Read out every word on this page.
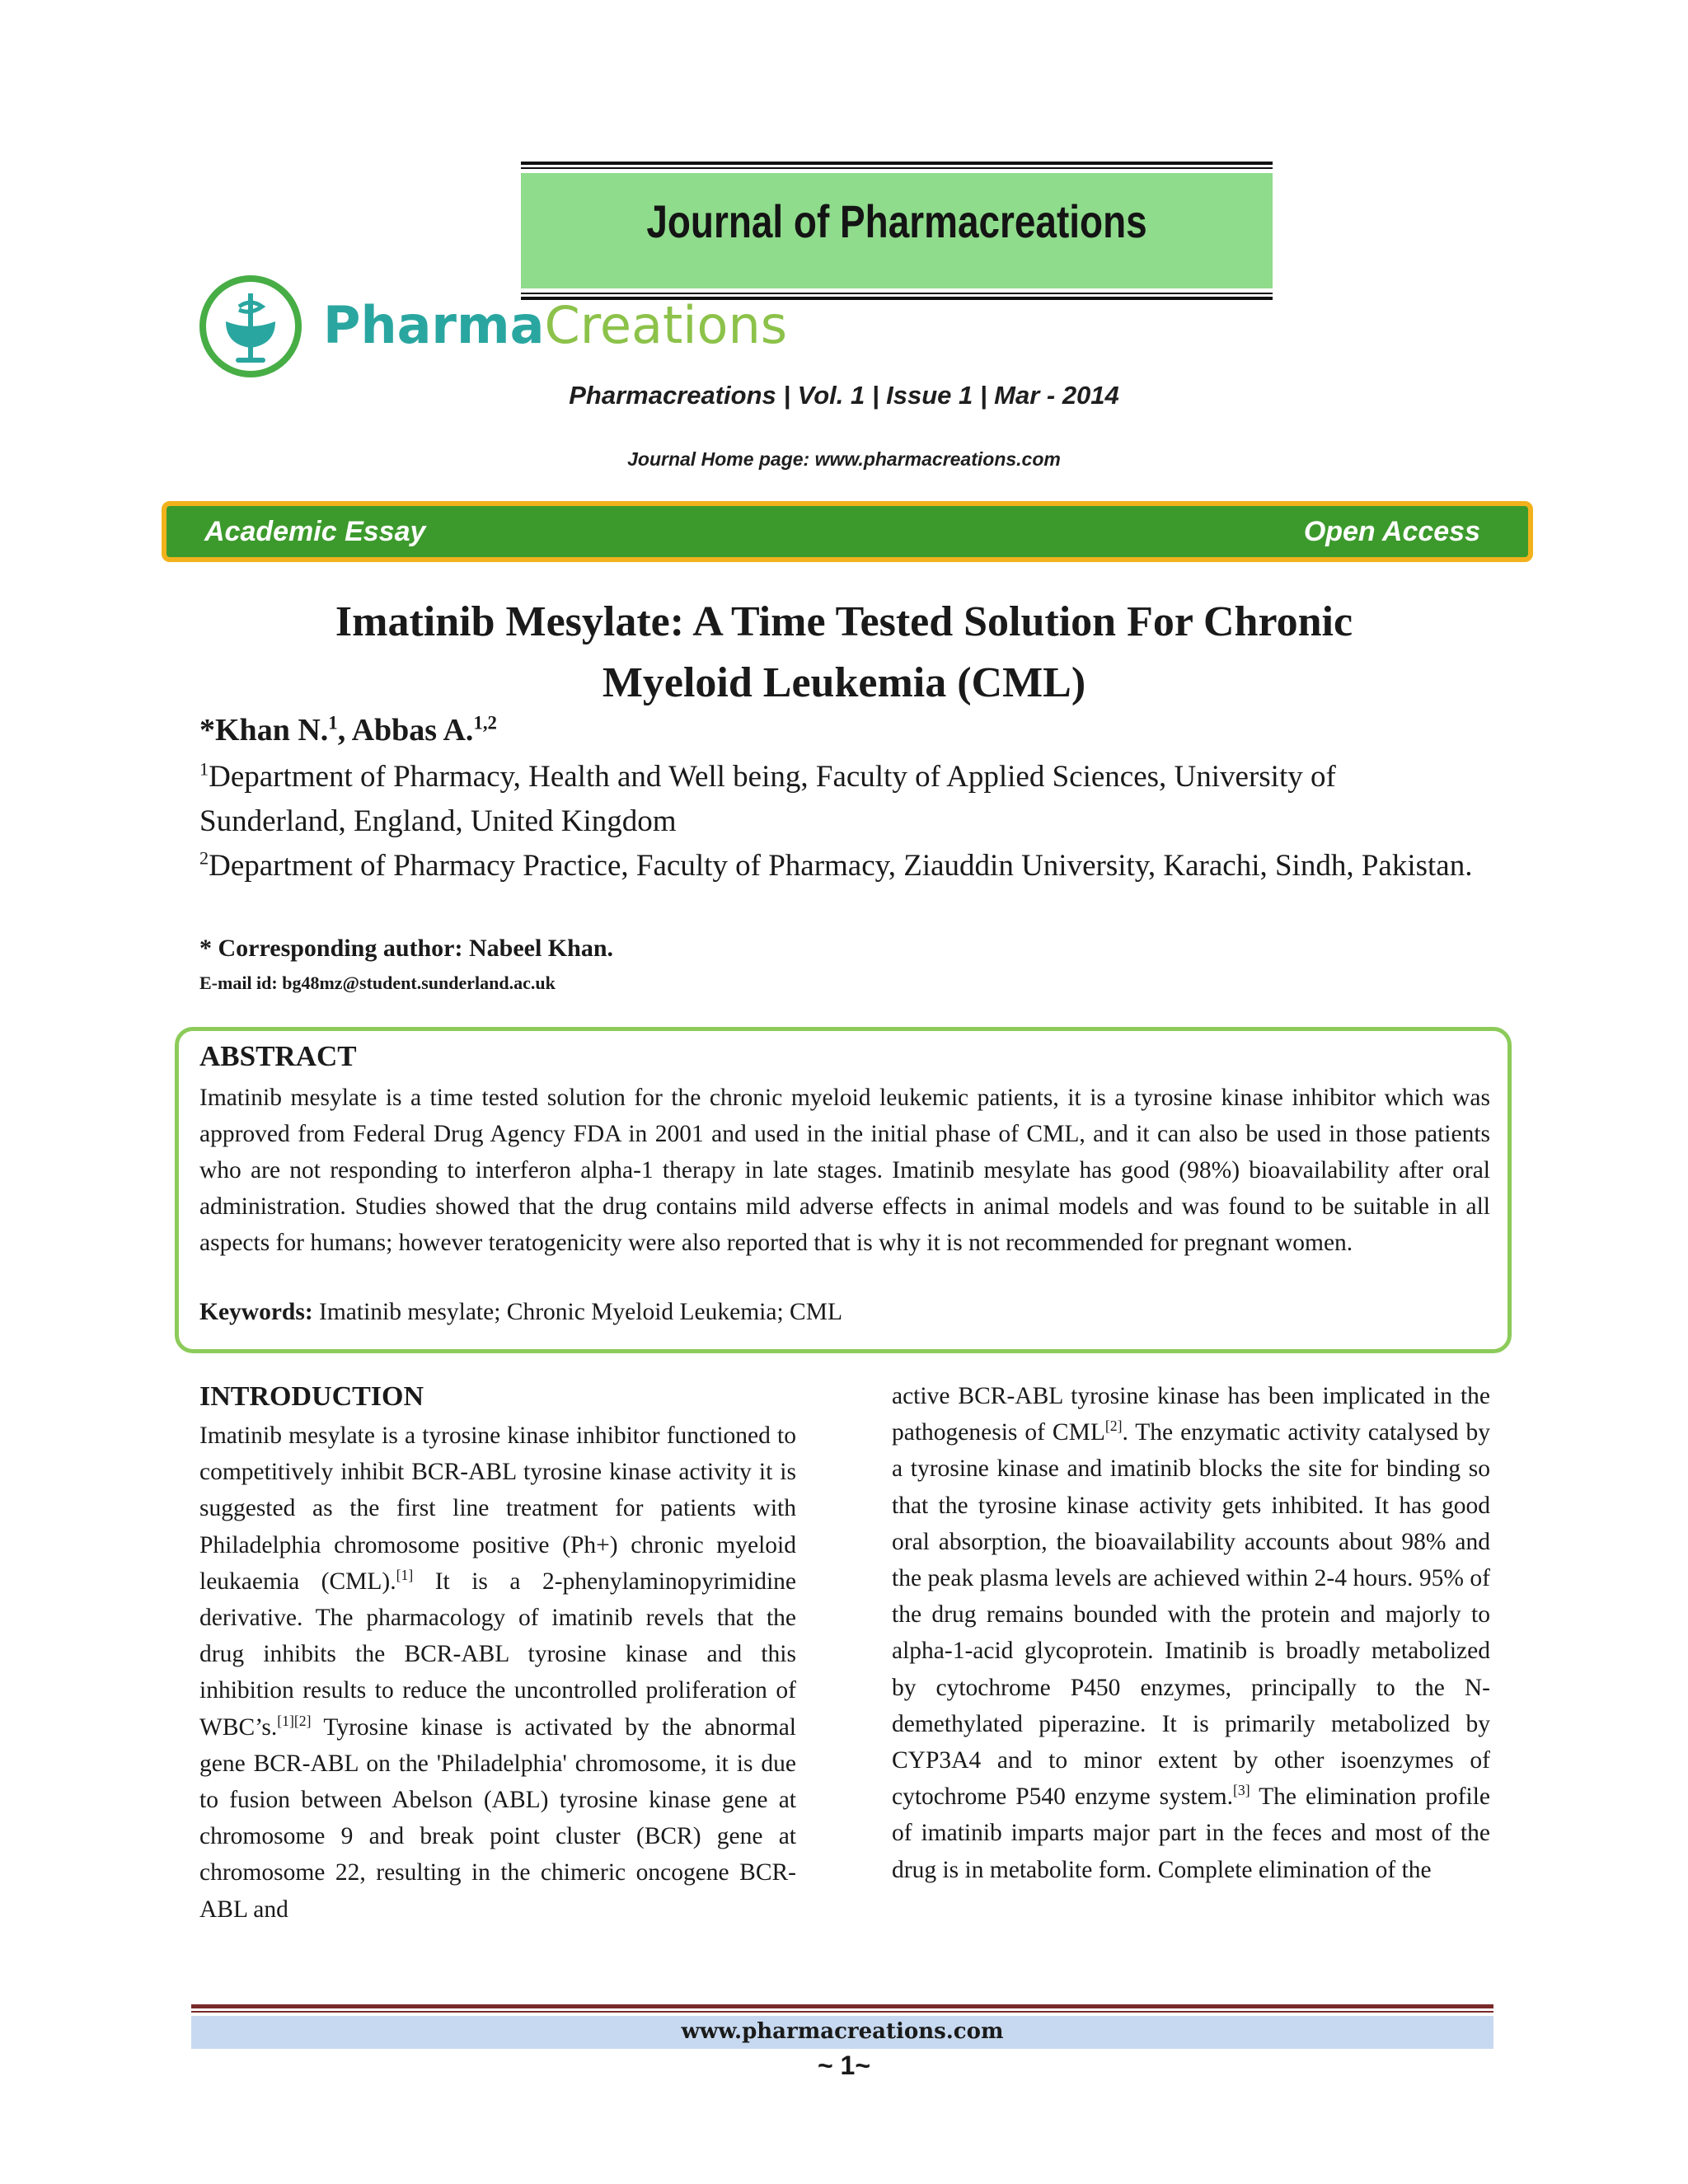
Journal of Pharmacreations
PharmaCreations
Pharmacreations | Vol. 1 | Issue 1 | Mar - 2014
Journal Home page: www.pharmacreations.com
Academic Essay	Open Access
Imatinib Mesylate: A Time Tested Solution For Chronic
Myeloid Leukemia (CML)
*Khan N.$^1$, Abbas A.$^{1,2}$
$^1$Department of Pharmacy, Health and Well being, Faculty of Applied Sciences, University of Sunderland, England, United Kingdom
$^2$Department of Pharmacy Practice, Faculty of Pharmacy, Ziauddin University, Karachi, Sindh, Pakistan.
* Corresponding author: Nabeel Khan.
E-mail id: bg48mz@student.sunderland.ac.uk
ABSTRACT
Imatinib mesylate is a time tested solution for the chronic myeloid leukemic patients, it is a tyrosine kinase inhibitor which was approved from Federal Drug Agency FDA in 2001 and used in the initial phase of CML, and it can also be used in those patients who are not responding to interferon alpha-1 therapy in late stages. Imatinib mesylate has good (98%) bioavailability after oral administration. Studies showed that the drug contains mild adverse effects in animal models and was found to be suitable in all aspects for humans; however teratogenicity were also reported that is why it is not recommended for pregnant women.
Keywords: Imatinib mesylate; Chronic Myeloid Leukemia; CML
INTRODUCTION
Imatinib mesylate is a tyrosine kinase inhibitor functioned to competitively inhibit BCR-ABL tyrosine kinase activity it is suggested as the first line treatment for patients with Philadelphia chromosome positive (Ph+) chronic myeloid leukaemia (CML).[1] It is a 2-phenylaminopyrimidine derivative. The pharmacology of imatinib revels that the drug inhibits the BCR-ABL tyrosine kinase and this inhibition results to reduce the uncontrolled proliferation of WBC’s.[1][2] Tyrosine kinase is activated by the abnormal gene BCR-ABL on the 'Philadelphia' chromosome, it is due to fusion between Abelson (ABL) tyrosine kinase gene at chromosome 9 and break point cluster (BCR) gene at chromosome 22, resulting in the chimeric oncogene BCR-ABL and
active BCR-ABL tyrosine kinase has been implicated in the pathogenesis of CML[2]. The enzymatic activity catalysed by a tyrosine kinase and imatinib blocks the site for binding so that the tyrosine kinase activity gets inhibited. It has good oral absorption, the bioavailability accounts about 98% and the peak plasma levels are achieved within 2-4 hours. 95% of the drug remains bounded with the protein and majorly to alpha-1-acid glycoprotein. Imatinib is broadly metabolized by cytochrome P450 enzymes, principally to the N-demethylated piperazine. It is primarily metabolized by CYP3A4 and to minor extent by other isoenzymes of cytochrome P540 enzyme system.[3] The elimination profile of imatinib imparts major part in the feces and most of the drug is in metabolite form. Complete elimination of the
www.pharmacreations.com
~ 1~
